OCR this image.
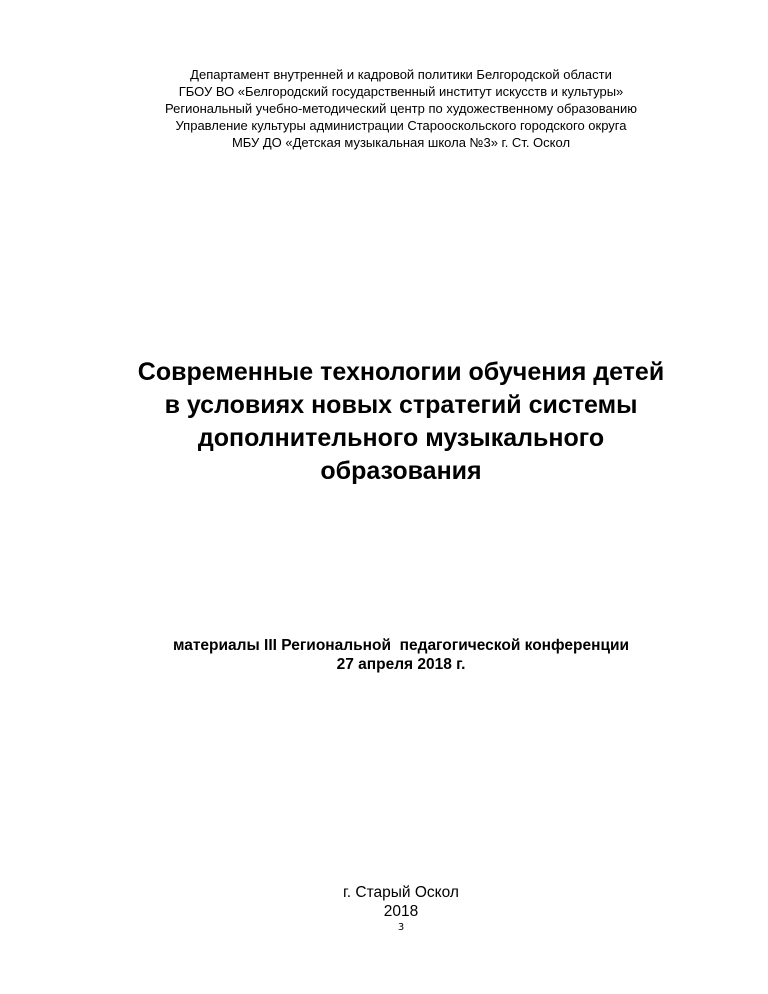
Департамент внутренней и кадровой политики Белгородской области
ГБОУ ВО «Белгородский государственный институт искусств и культуры»
Региональный учебно-методический центр по художественному образованию
Управление культуры администрации Старооскольского городского округа
МБУ ДО «Детская музыкальная школа №3» г. Ст. Оскол
Современные технологии обучения детей
в условиях новых стратегий системы
дополнительного музыкального
образования
материалы III Региональной  педагогической конференции
27 апреля 2018 г.
г. Старый Оскол
2018
3
